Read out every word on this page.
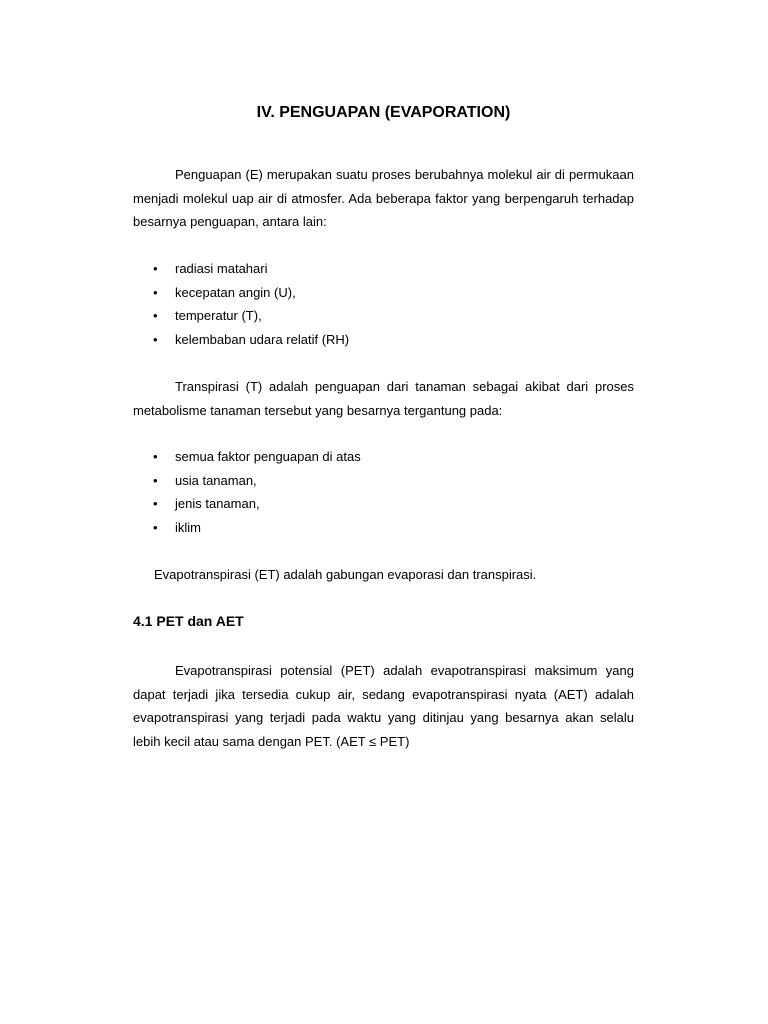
IV. PENGUAPAN (EVAPORATION)

Penguapan (E) merupakan suatu proses berubahnya molekul air di permukaan menjadi molekul uap air di atmosfer. Ada beberapa faktor yang berpengaruh terhadap besarnya penguapan, antara lain:

• radiasi matahari
• kecepatan angin (U),
• temperatur (T),
• kelembaban udara relatif (RH)

Transpirasi (T) adalah penguapan dari tanaman sebagai akibat dari proses metabolisme tanaman tersebut yang besarnya tergantung pada:

• semua faktor penguapan di atas
• usia tanaman,
• jenis tanaman,
• iklim

Evapotranspirasi (ET) adalah gabungan evaporasi dan transpirasi.

4.1 PET dan AET

Evapotranspirasi potensial (PET) adalah evapotranspirasi maksimum yang dapat terjadi jika tersedia cukup air, sedang evapotranspirasi nyata (AET) adalah evapotranspirasi yang terjadi pada waktu yang ditinjau yang besarnya akan selalu lebih kecil atau sama dengan PET. (AET ≤ PET)
